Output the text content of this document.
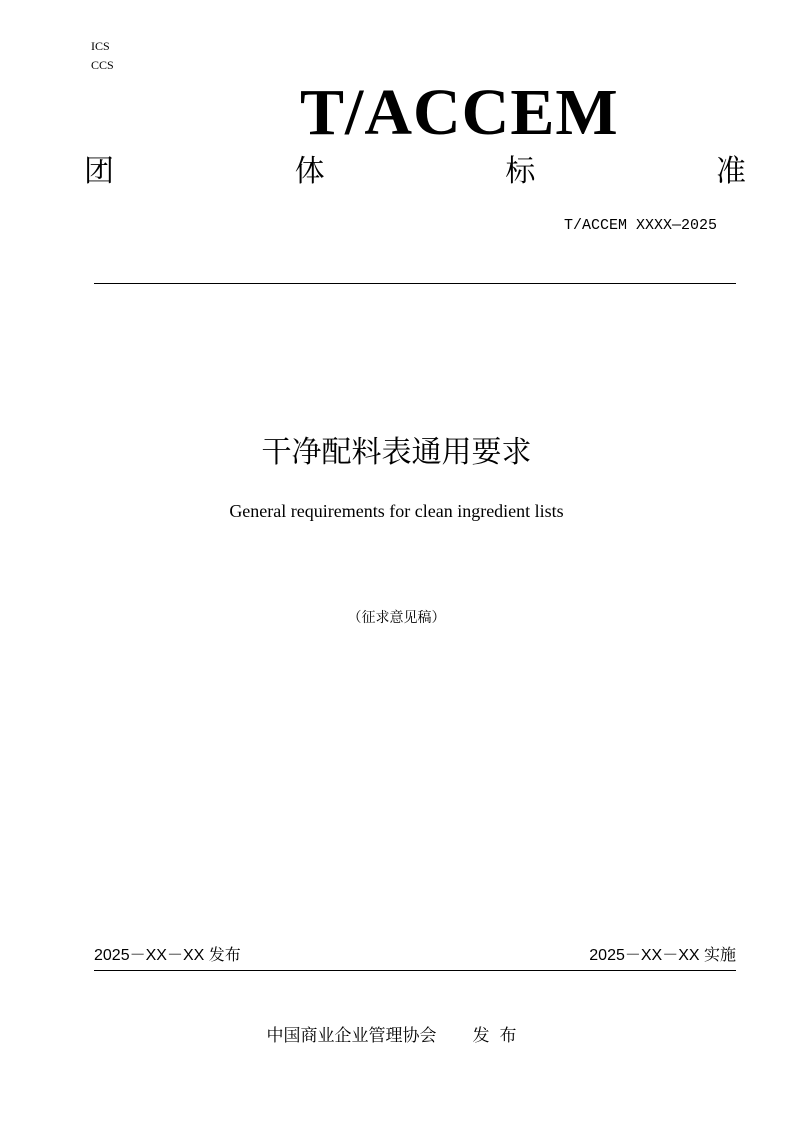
ICS
CCS
T/ACCEM
团	体	标	准
T/ACCEM XXXX—2025
干净配料表通用要求
General requirements for clean ingredient lists
（征求意见稿）
2025－XX－XX 发布	2025－XX－XX 实施
中国商业企业管理协会 发布
